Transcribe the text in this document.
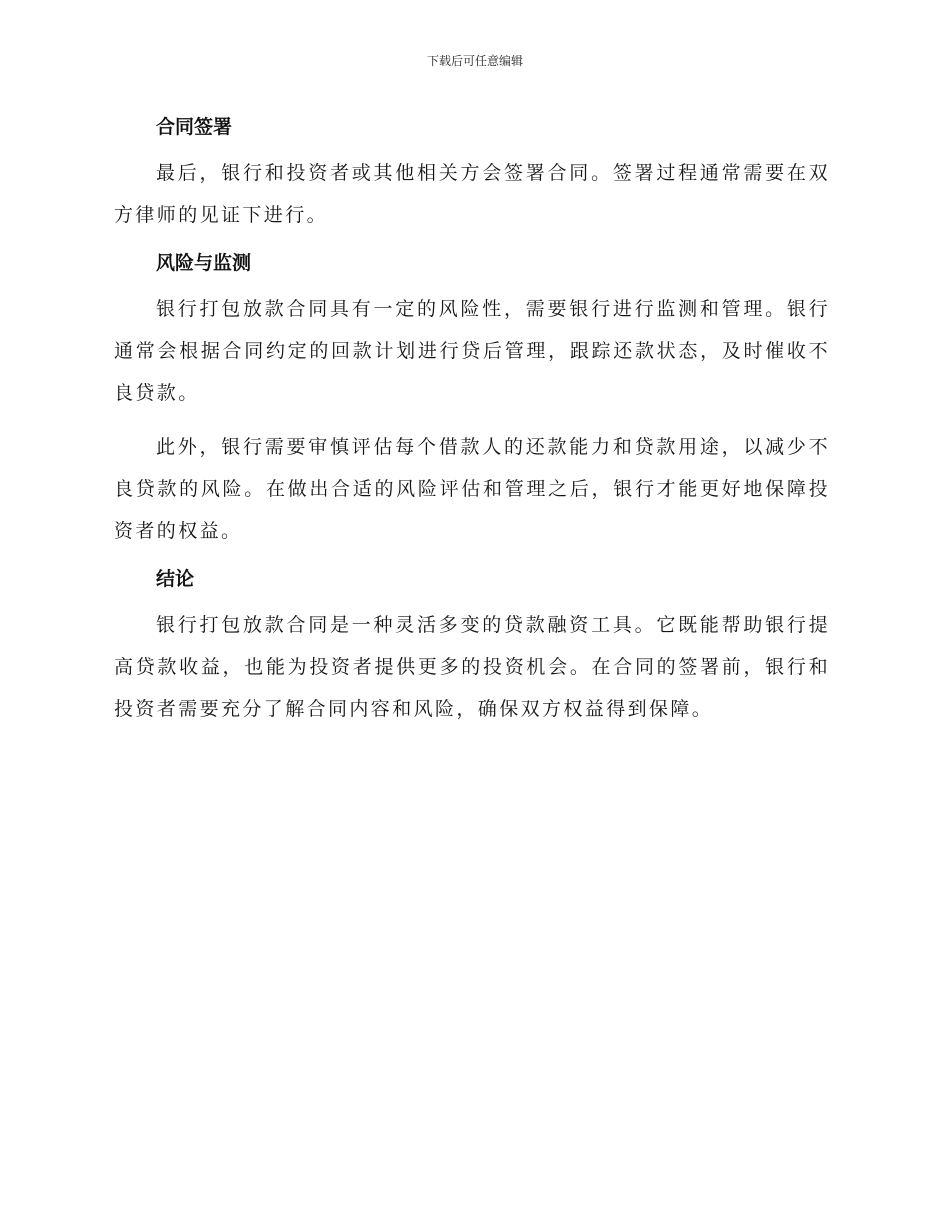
下载后可任意编辑
合同签署

最后，银行和投资者或其他相关方会签署合同。签署过程通常需要在双方律师的见证下进行。

风险与监测

银行打包放款合同具有一定的风险性，需要银行进行监测和管理。银行通常会根据合同约定的回款计划进行贷后管理，跟踪还款状态，及时催收不良贷款。

此外，银行需要审慎评估每个借款人的还款能力和贷款用途，以减少不良贷款的风险。在做出合适的风险评估和管理之后，银行才能更好地保障投资者的权益。

结论

银行打包放款合同是一种灵活多变的贷款融资工具。它既能帮助银行提高贷款收益，也能为投资者提供更多的投资机会。在合同的签署前，银行和投资者需要充分了解合同内容和风险，确保双方权益得到保障。
